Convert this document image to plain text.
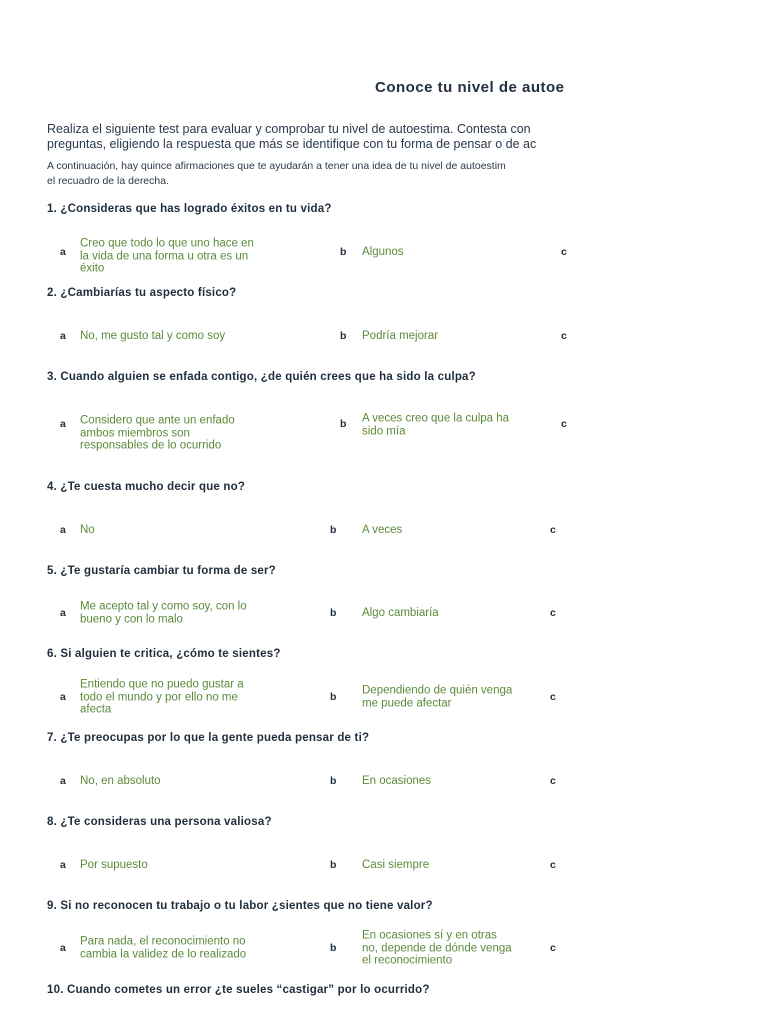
Conoce tu nivel de autoe
Realiza el siguiente test para evaluar y comprobar tu nivel de autoestima. Contesta con
preguntas, eligiendo la respuesta que más se identifique con tu forma de pensar o de ac
A continuación, hay quince afirmaciones que te ayudarán a tener una idea de tu nivel de autoestim
el recuadro de la derecha.
1. ¿Consideras que has logrado éxitos en tu vida?
a
Creo que todo lo que uno hace en
la vida de una forma u otra es un
éxito
b Algunos	c
2. ¿Cambiarías tu aspecto físico?
a No, me gusto tal y como soy	b Podría mejorar	c
3. Cuando alguien se enfada contigo, ¿de quién crees que ha sido la culpa?
a Considero que ante un enfado
ambos miembros son
responsables de lo ocurrido
b A veces creo que la culpa ha
sido mía
c
4. ¿Te cuesta mucho decir que no?
a No	b A veces	c
5. ¿Te gustaría cambiar tu forma de ser?
a
Me acepto tal y como soy, con lo
bueno y con lo malo	b Algo cambiaría	c
6. Si alguien te critica, ¿cómo te sientes?
a
Entiendo que no puedo gustar a
todo el mundo y por ello no me
afecta
b
Dependiendo de quién venga
me puede afectar	c
7. ¿Te preocupas por lo que la gente pueda pensar de ti?
a No, en absoluto	b En ocasiones	c
8. ¿Te consideras una persona valiosa?
a Por supuesto	b Casi siempre	c
9. Si no reconocen tu trabajo o tu labor ¿sientes que no tiene valor?
a
Para nada, el reconocimiento no
cambia la validez de lo realizado	b
En ocasiones sí y en otras
no, depende de dónde venga
el reconocimiento
c
10. Cuando cometes un error ¿te sueles “castigar” por lo ocurrido?
